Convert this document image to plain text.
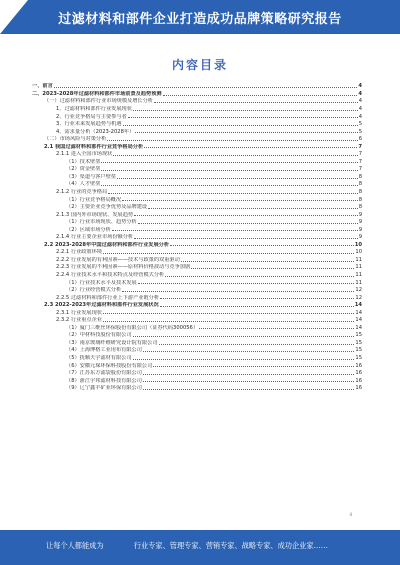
过滤材料和部件企业打造成功品牌策略研究报告
内容目录
一、前言	4
二、2023-2028年过滤材料和部件市场前景及趋势预测	4
（一）过滤材料和部件行业市场规模及增长分析	4
1、过滤材料和部件行业发展现状	4
2、行业竞争格局与主要参与者	4
3、行业未来发展趋势与机遇	5
4、需求量分析（2023-2028年）	5
（二）市场风险与对策分析	6
2.1 我国过滤材料和部件行业竞争格局分析	7
2.1.1 进入全国市场现状	7
（1）技术壁垒	7
（2）资金壁垒	7
（3）渠道与客户壁垒	8
（4）人才壁垒	8
2.1.2 行业的竞争格局	8
（1）行业竞争格局概况	8
（2）主要企业竞争优势及品牌建设	8
2.1.3 国内外市场现状、发展趋势	9
（1）行业市场现状、趋势分析	9
（2）区域市场分析	9
2.1.4 行业主要企业市场份额分析	9
2.2 2023-2028年中国过滤材料和部件行业发展分析	10
2.2.1 行业政策环境	10
2.2.2 行业发展的有利因素——技术与政策的双重驱动	11
2.2.3 行业发展的不利因素——原材料价格波动与竞争加剧	11
2.2.4 行业技术水平和技术特点及经营模式分析	11
（1）行业技术水平及技术发展	11
（2）行业经营模式分析	12
2.2.5 过滤材料和部件行业上下游产业链分析	12
2.3 2022-2023年过滤材料和部件行业发展状况	14
2.3.1 行业发展现状	14
2.3.2 行业重点企业	14
（1）厦门三维丝环保股份有限公司（证券代码300056）	14
（2）中材科技股份有限公司	15
（3）南京玻璃纤维研究设计院有限公司	15
（4）上海博格工业用布有限公司	15
（5）抚顺天宇滤材有限公司	15
（6）安徽元琛环保科技股份有限公司	16
（7）江苏东方滤袋股份有限公司	16
（8）浙江宇邦滤材科技有限公司	16
（9）辽宁鑫丰矿业环保有限公司	16
4
让每个人都能成为	行业专家、管理专家、营销专家、战略专家、成功企业家……
